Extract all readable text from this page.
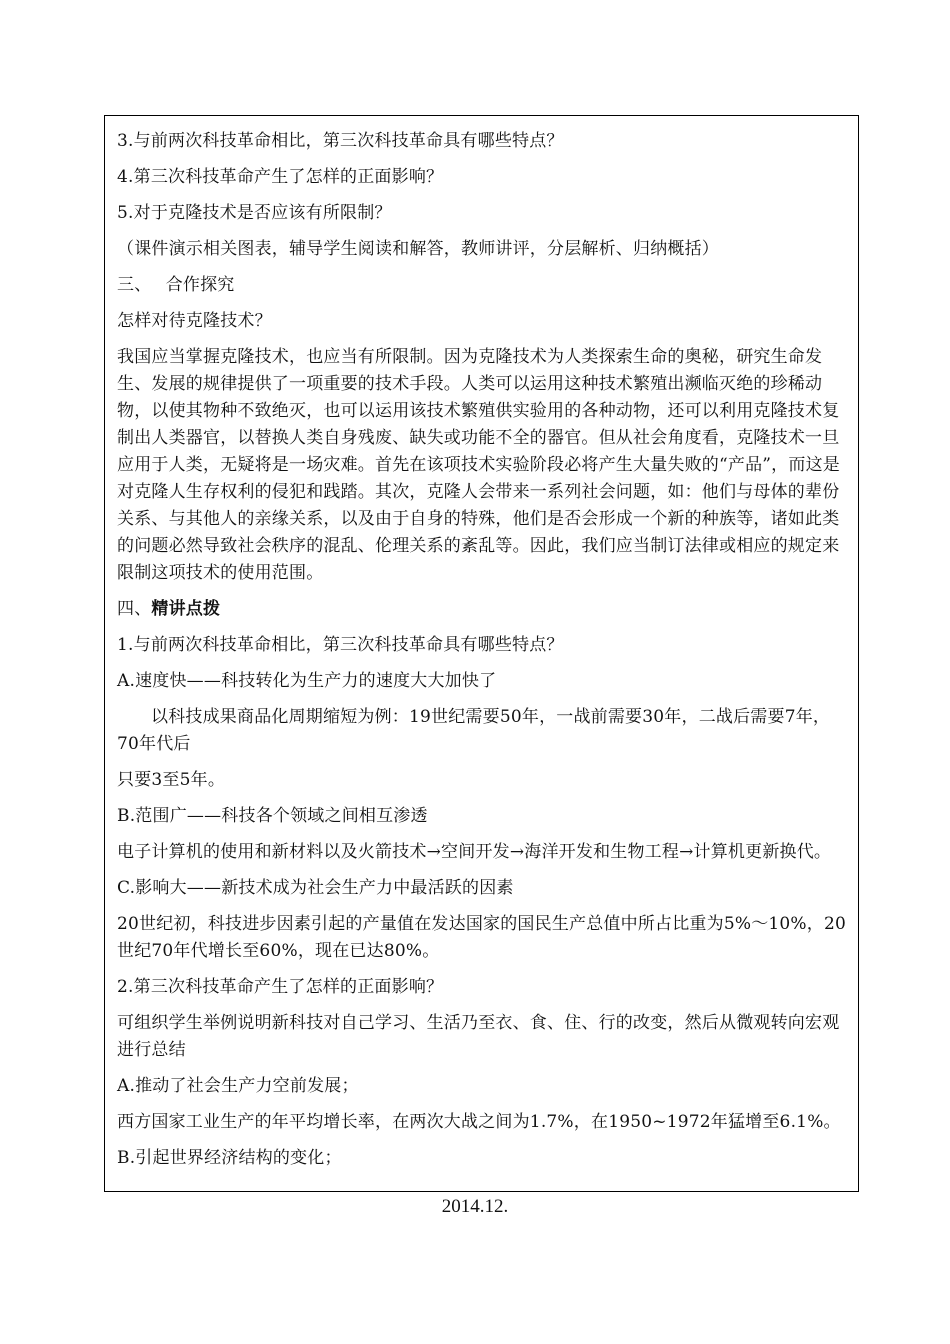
3.与前两次科技革命相比，第三次科技革命具有哪些特点？

4.第三次科技革命产生了怎样的正面影响？

5.对于克隆技术是否应该有所限制？

（课件演示相关图表，辅导学生阅读和解答，教师讲评，分层解析、归纳概括）

三、　 合作探究

怎样对待克隆技术？

我国应当掌握克隆技术，也应当有所限制。因为克隆技术为人类探索生命的奥秘，研究生命发生、发展的规律提供了一项重要的技术手段。人类可以运用这种技术繁殖出濒临灭绝的珍稀动物，以使其物种不致绝灭，也可以运用该技术繁殖供实验用的各种动物，还可以利用克隆技术复制出人类器官，以替换人类自身残废、缺失或功能不全的器官。但从社会角度看，克隆技术一旦应用于人类，无疑将是一场灾难。首先在该项技术实验阶段必将产生大量失败的“产品”，而这是对克隆人生存权利的侵犯和践踏。其次，克隆人会带来一系列社会问题，如：他们与母体的辈份关系、与其他人的亲缘关系，以及由于自身的特殊，他们是否会形成一个新的种族等，诸如此类的问题必然导致社会秩序的混乱、伦理关系的紊乱等。因此，我们应当制订法律或相应的规定来限制这项技术的使用范围。

四、精讲点拨

1.与前两次科技革命相比，第三次科技革命具有哪些特点？

A.速度快——科技转化为生产力的速度大大加快了

以科技成果商品化周期缩短为例：19世纪需要50年，一战前需要30年，二战后需要7年，70年代后

只要3至5年。

B.范围广——科技各个领域之间相互渗透

电子计算机的使用和新材料以及火箭技术→空间开发→海洋开发和生物工程→计算机更新换代。

C.影响大——新技术成为社会生产力中最活跃的因素

20世纪初，科技进步因素引起的产量值在发达国家的国民生产总值中所占比重为5%～10%，20世纪70年代增长至60%，现在已达80%。

2.第三次科技革命产生了怎样的正面影响？

可组织学生举例说明新科技对自己学习、生活乃至衣、食、住、行的改变，然后从微观转向宏观进行总结

A.推动了社会生产力空前发展；

西方国家工业生产的年平均增长率，在两次大战之间为1.7%，在1950~1972年猛增至6.1%。

B.引起世界经济结构的变化；

2014.12.
